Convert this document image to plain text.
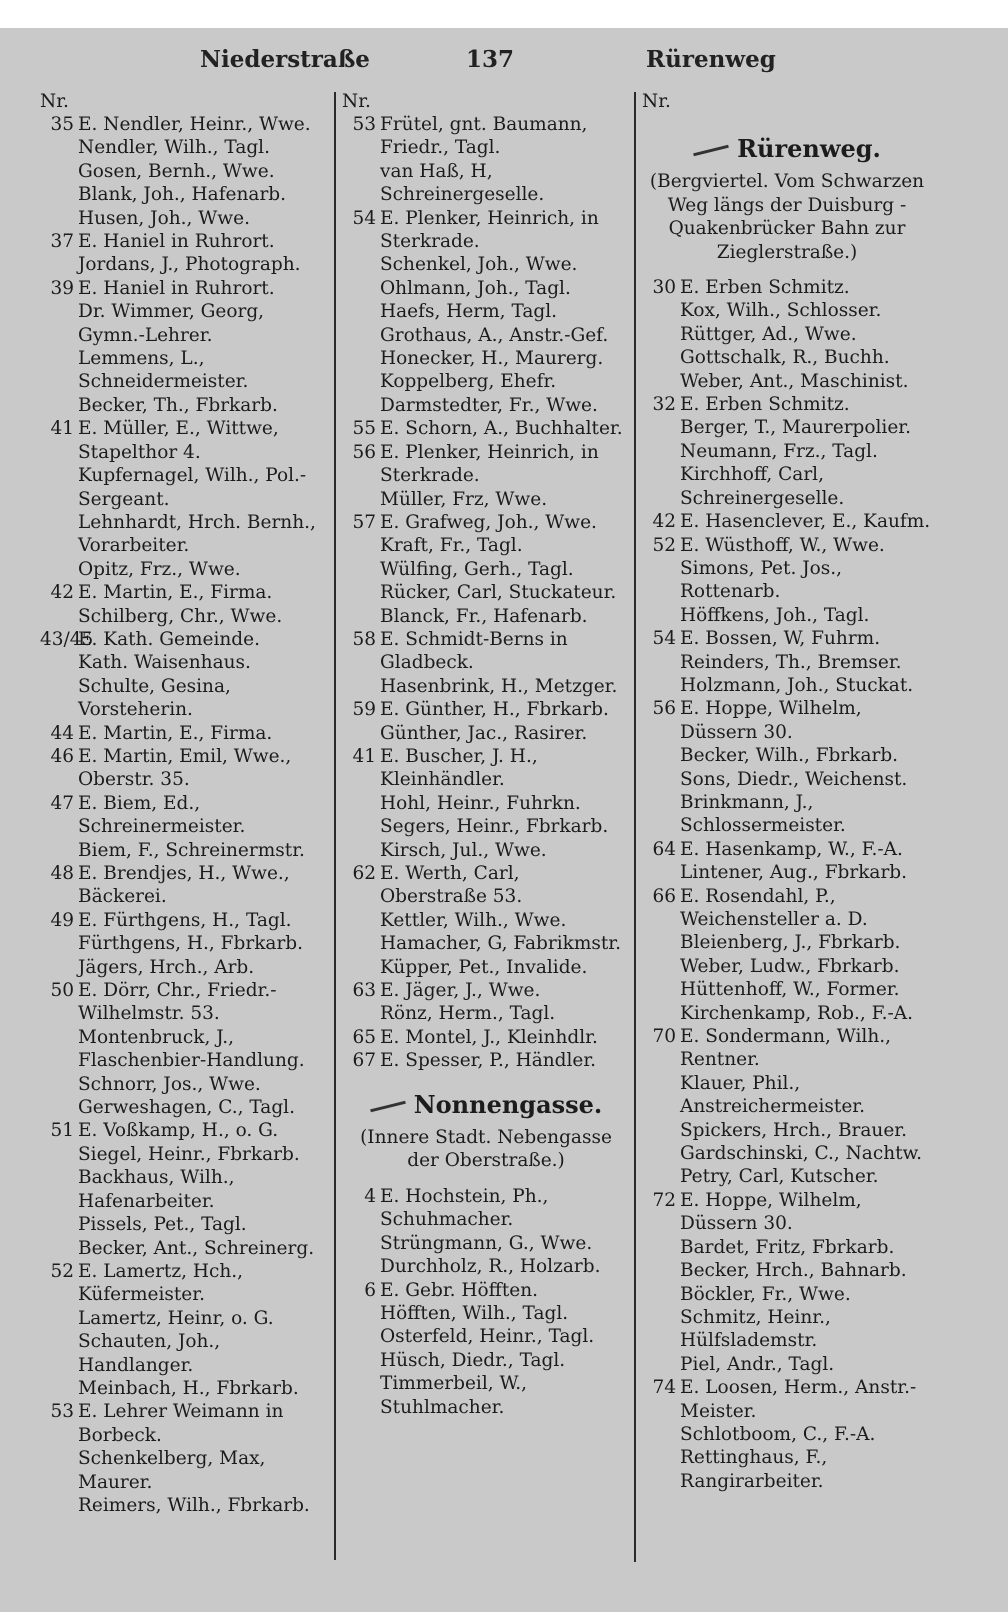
Niederstraße	137	Rürenweg
Nr.
35 E. Nendler, Heinr., Wwe.
Nendler, Wilh., Tagl.
Gosen, Bernh., Wwe.
Blank, Joh., Hafenarb.
Husen, Joh., Wwe.
37 E. Haniel in Ruhrort.
Jordans, J., Photograph.
39 E. Haniel in Ruhrort.
Dr. Wimmer, Georg, Gymn.-Lehrer.
Lemmens, L., Schneidermeister.
Becker, Th., Fbrkarb.
41 E. Müller, E., Wittwe, Stapelthor 4.
Kupfernagel, Wilh., Pol.-Sergeant.
Lehnhardt, Hrch. Bernh., Vorarbeiter.
Opitz, Frz., Wwe.
42 E. Martin, E., Firma.
Schilberg, Chr., Wwe.
43/45
E. Kath. Gemeinde.
Kath. Waisenhaus.
Schulte, Gesina, Vorsteherin.
44 E. Martin, E., Firma.
46 E. Martin, Emil, Wwe., Oberstr. 35.
47 E. Biem, Ed., Schreinermeister.
Biem, F., Schreinermstr.
48 E. Brendjes, H., Wwe., Bäckerei.
49 E. Fürthgens, H., Tagl.
Fürthgens, H., Fbrkarb.
Jägers, Hrch., Arb.
50 E. Dörr, Chr., Friedr.-Wilhelmstr. 53.
Montenbruck, J., Flaschenbier-Handlung.
Schnorr, Jos., Wwe.
Gerweshagen, C., Tagl.
51 E. Voßkamp, H., o. G.
Siegel, Heinr., Fbrkarb.
Backhaus, Wilh., Hafenarbeiter.
Pissels, Pet., Tagl.
Becker, Ant., Schreinerg.
52 E. Lamertz, Hch., Küfermeister.
Lamertz, Heinr, o. G.
Schauten, Joh., Handlanger.
Meinbach, H., Fbrkarb.
53 E. Lehrer Weimann in Borbeck.
Schenkelberg, Max, Maurer.
Reimers, Wilh., Fbrkarb.
Nr.
53 Frütel, gnt. Baumann, Friedr., Tagl.
van Haß, H, Schreinergeselle.
54 E. Plenker, Heinrich, in Sterkrade.
Schenkel, Joh., Wwe.
Ohlmann, Joh., Tagl.
Haefs, Herm, Tagl.
Grothaus, A., Anstr.-Gef.
Honecker, H., Maurerg.
Koppelberg, Ehefr.
Darmstedter, Fr., Wwe.
55 E. Schorn, A., Buchhalter.
56 E. Plenker, Heinrich, in Sterkrade.
Müller, Frz, Wwe.
57 E. Grafweg, Joh., Wwe.
Kraft, Fr., Tagl.
Wülfing, Gerh., Tagl.
Rücker, Carl, Stuckateur.
Blanck, Fr., Hafenarb.
58 E. Schmidt-Berns in Gladbeck.
Hasenbrink, H., Metzger.
59 E. Günther, H., Fbrkarb.
Günther, Jac., Rasirer.
41 E. Buscher, J. H., Kleinhändler.
Hohl, Heinr., Fuhrkn.
Segers, Heinr., Fbrkarb.
Kirsch, Jul., Wwe.
62 E. Werth, Carl, Oberstraße 53.
Kettler, Wilh., Wwe.
Hamacher, G, Fabrikmstr.
Küpper, Pet., Invalide.
63 E. Jäger, J., Wwe.
Rönz, Herm., Tagl.
65 E. Montel, J., Kleinhdlr.
67 E. Spesser, P., Händler.
Nonnengasse.
(Innere Stadt. Nebengasse der Oberstraße.)
4 E. Hochstein, Ph., Schuhmacher.
Strüngmann, G., Wwe.
Durchholz, R., Holzarb.
6 E. Gebr. Höfften.
Höfften, Wilh., Tagl.
Osterfeld, Heinr., Tagl.
Hüsch, Diedr., Tagl.
Timmerbeil, W., Stuhlmacher.
Nr.
Rürenweg.
(Bergviertel. Vom Schwarzen Weg längs der Duisburg - Quakenbrücker Bahn zur Zieglerstraße.)
30 E. Erben Schmitz.
Kox, Wilh., Schlosser.
Rüttger, Ad., Wwe.
Gottschalk, R., Buchh.
Weber, Ant., Maschinist.
32 E. Erben Schmitz.
Berger, T., Maurerpolier.
Neumann, Frz., Tagl.
Kirchhoff, Carl, Schreinergeselle.
42 E. Hasenclever, E., Kaufm.
52 E. Wüsthoff, W., Wwe.
Simons, Pet. Jos., Rottenarb.
Höffkens, Joh., Tagl.
54 E. Bossen, W, Fuhrm.
Reinders, Th., Bremser.
Holzmann, Joh., Stuckat.
56 E. Hoppe, Wilhelm, Düssern 30.
Becker, Wilh., Fbrkarb.
Sons, Diedr., Weichenst.
Brinkmann, J., Schlossermeister.
64 E. Hasenkamp, W., F.-A.
Lintener, Aug., Fbrkarb.
66 E. Rosendahl, P., Weichensteller a. D.
Bleienberg, J., Fbrkarb.
Weber, Ludw., Fbrkarb.
Hüttenhoff, W., Former.
Kirchenkamp, Rob., F.-A.
70 E. Sondermann, Wilh., Rentner.
Klauer, Phil., Anstreichermeister.
Spickers, Hrch., Brauer.
Gardschinski, C., Nachtw.
Petry, Carl, Kutscher.
72 E. Hoppe, Wilhelm, Düssern 30.
Bardet, Fritz, Fbrkarb.
Becker, Hrch., Bahnarb.
Böckler, Fr., Wwe.
Schmitz, Heinr., Hülfslademstr.
Piel, Andr., Tagl.
74 E. Loosen, Herm., Anstr.-Meister.
Schlotboom, C., F.-A.
Rettinghaus, F., Rangirarbeiter.
